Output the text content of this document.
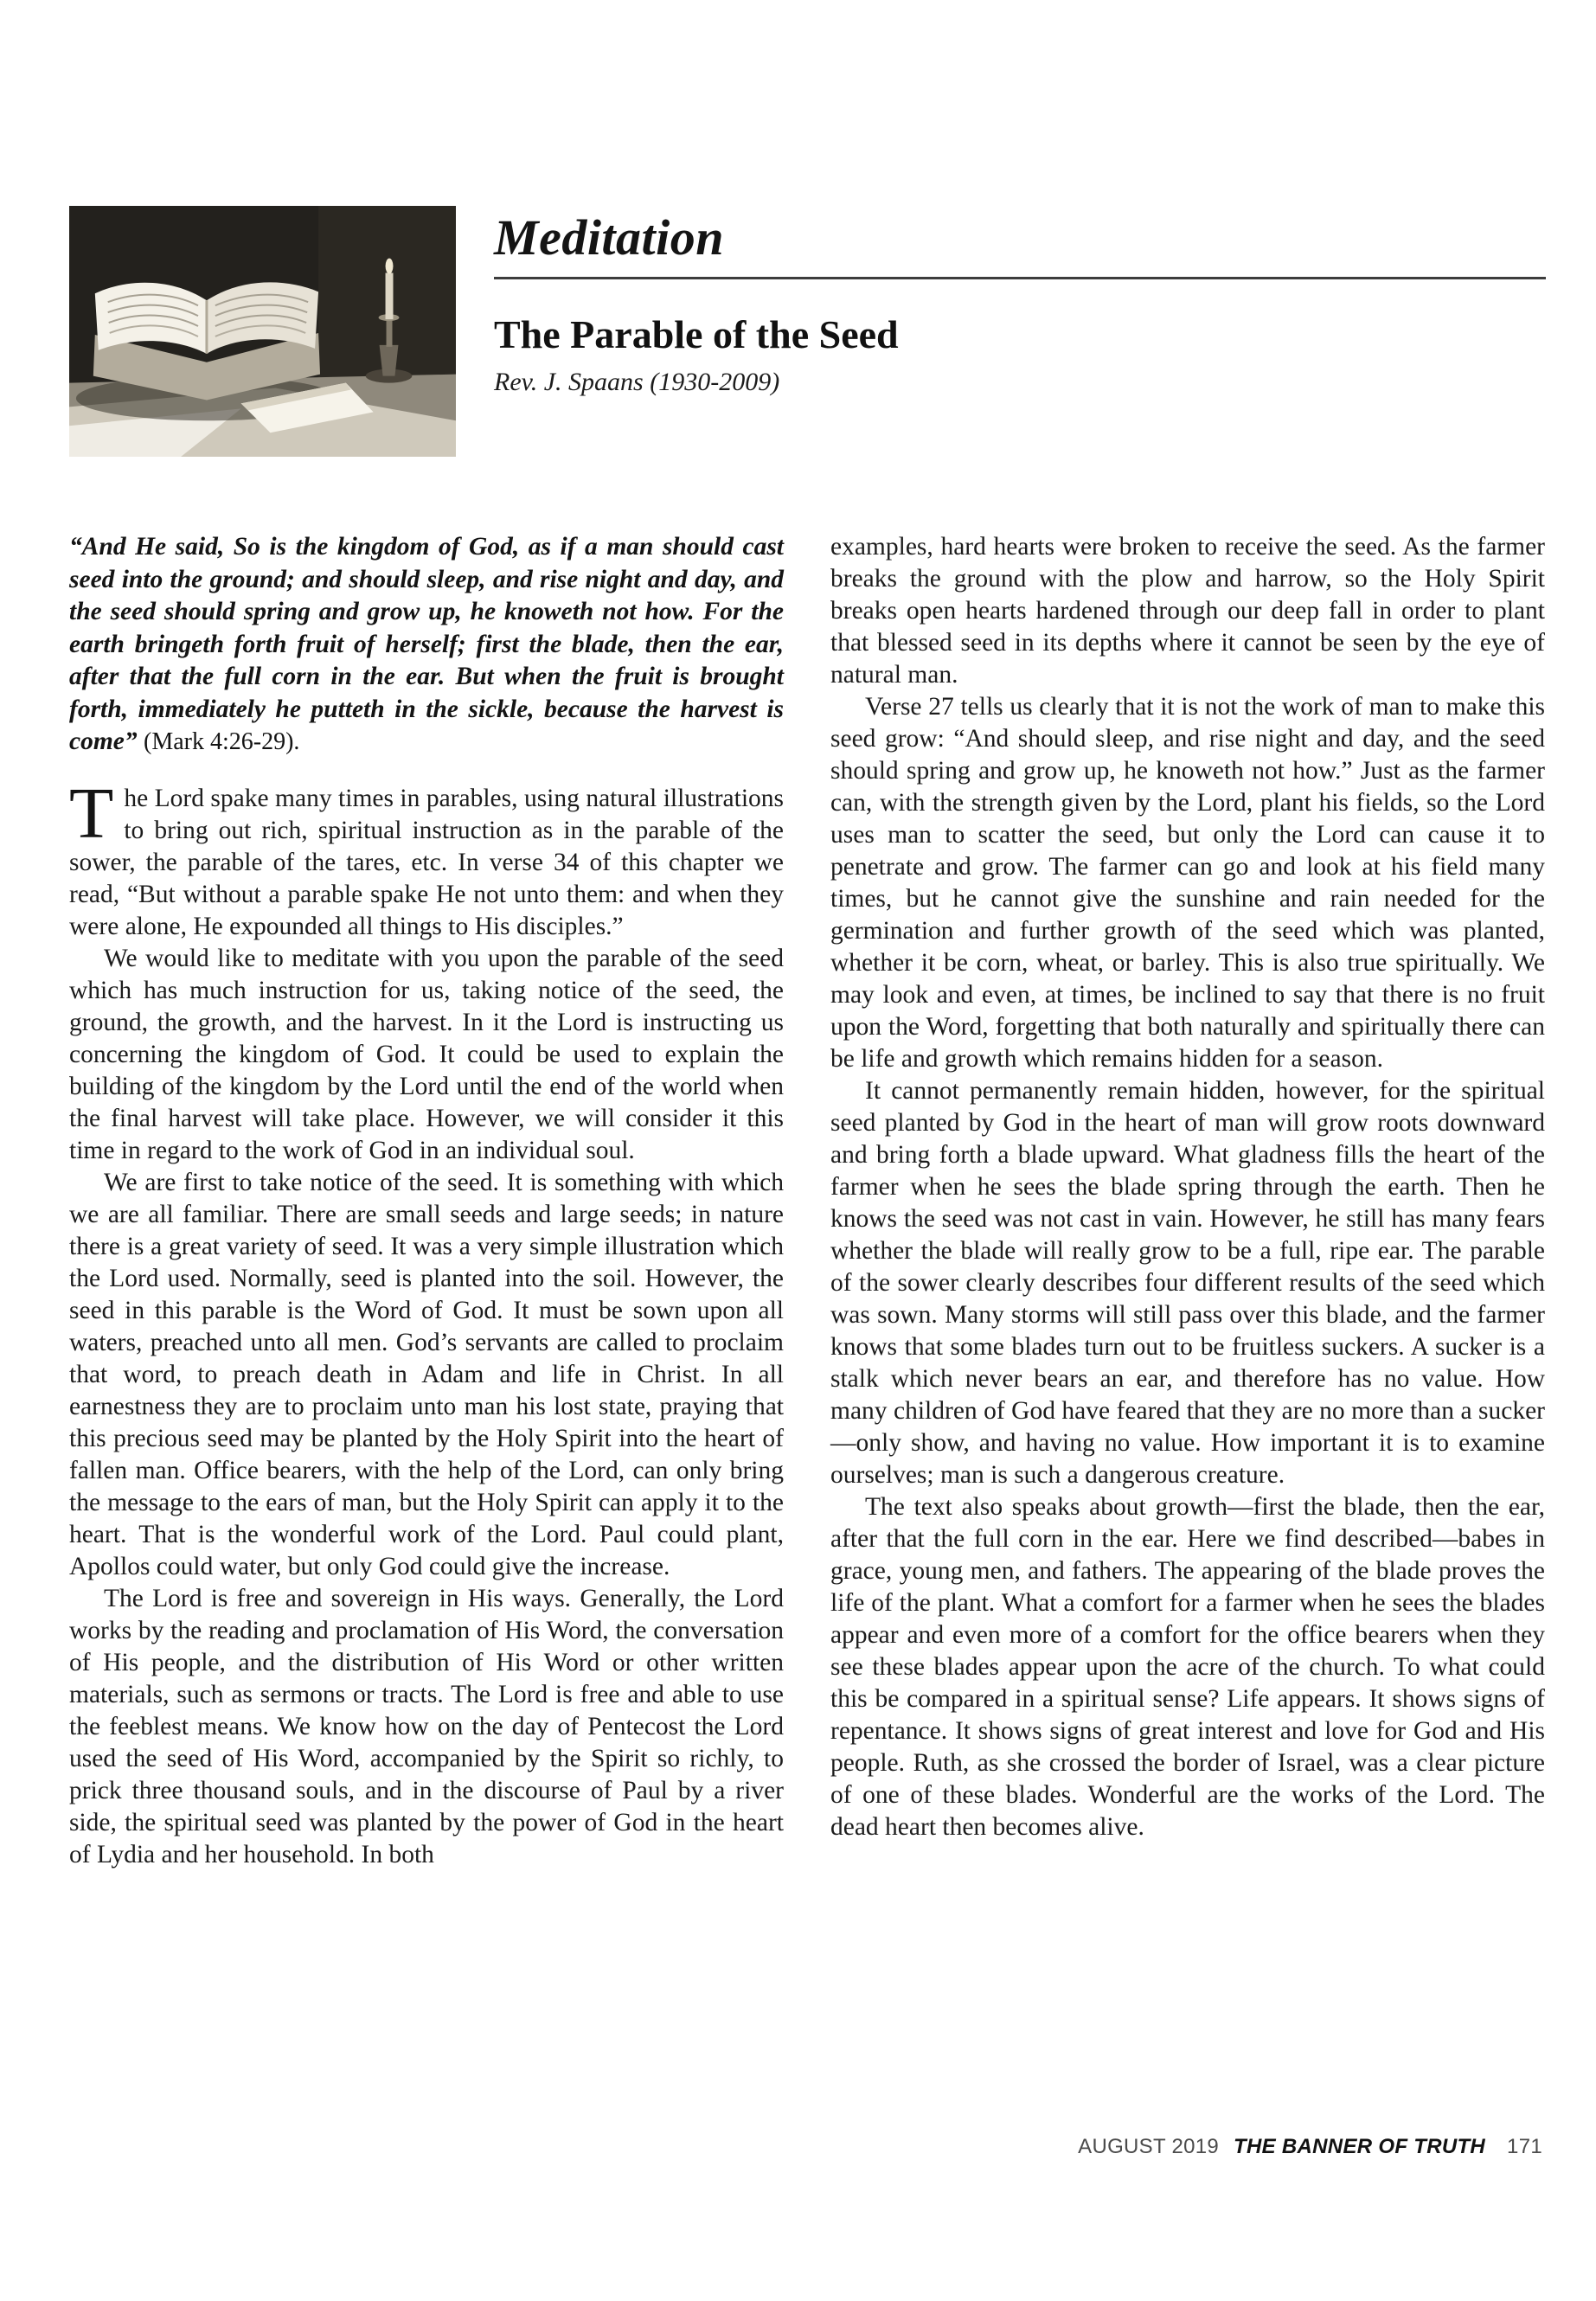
Meditation
The Parable of the Seed
Rev. J. Spaans (1930-2009)

“And He said, So is the kingdom of God, as if a man should cast seed into the ground; and should sleep, and rise night and day, and the seed should spring and grow up, he knoweth not how. For the earth bringeth forth fruit of herself; first the blade, then the ear, after that the full corn in the ear. But when the fruit is brought forth, immediately he putteth in the sickle, because the harvest is come” (Mark 4:26-29).

The Lord spake many times in parables, using natural illustrations to bring out rich, spiritual instruction as in the parable of the sower, the parable of the tares, etc. In verse 34 of this chapter we read, “But without a parable spake He not unto them: and when they were alone, He expounded all things to His disciples.”

We would like to meditate with you upon the parable of the seed which has much instruction for us, taking notice of the seed, the ground, the growth, and the harvest. In it the Lord is instructing us concerning the kingdom of God. It could be used to explain the building of the kingdom by the Lord until the end of the world when the final harvest will take place. However, we will consider it this time in regard to the work of God in an individual soul.

We are first to take notice of the seed. It is something with which we are all familiar. There are small seeds and large seeds; in nature there is a great variety of seed. It was a very simple illustration which the Lord used. Normally, seed is planted into the soil. However, the seed in this parable is the Word of God. It must be sown upon all waters, preached unto all men. God’s servants are called to proclaim that word, to preach death in Adam and life in Christ. In all earnestness they are to proclaim unto man his lost state, praying that this precious seed may be planted by the Holy Spirit into the heart of fallen man. Office bearers, with the help of the Lord, can only bring the message to the ears of man, but the Holy Spirit can apply it to the heart. That is the wonderful work of the Lord. Paul could plant, Apollos could water, but only God could give the increase.

The Lord is free and sovereign in His ways. Generally, the Lord works by the reading and proclamation of His Word, the conversation of His people, and the distribution of His Word or other written materials, such as sermons or tracts. The Lord is free and able to use the feeblest means. We know how on the day of Pentecost the Lord used the seed of His Word, accompanied by the Spirit so richly, to prick three thousand souls, and in the discourse of Paul by a river side, the spiritual seed was planted by the power of God in the heart of Lydia and her household. In both

examples, hard hearts were broken to receive the seed. As the farmer breaks the ground with the plow and harrow, so the Holy Spirit breaks open hearts hardened through our deep fall in order to plant that blessed seed in its depths where it cannot be seen by the eye of natural man.

Verse 27 tells us clearly that it is not the work of man to make this seed grow: “And should sleep, and rise night and day, and the seed should spring and grow up, he knoweth not how.” Just as the farmer can, with the strength given by the Lord, plant his fields, so the Lord uses man to scatter the seed, but only the Lord can cause it to penetrate and grow. The farmer can go and look at his field many times, but he cannot give the sunshine and rain needed for the germination and further growth of the seed which was planted, whether it be corn, wheat, or barley. This is also true spiritually. We may look and even, at times, be inclined to say that there is no fruit upon the Word, forgetting that both naturally and spiritually there can be life and growth which remains hidden for a season.

It cannot permanently remain hidden, however, for the spiritual seed planted by God in the heart of man will grow roots downward and bring forth a blade upward. What gladness fills the heart of the farmer when he sees the blade spring through the earth. Then he knows the seed was not cast in vain. However, he still has many fears whether the blade will really grow to be a full, ripe ear. The parable of the sower clearly describes four different results of the seed which was sown. Many storms will still pass over this blade, and the farmer knows that some blades turn out to be fruitless suckers. A sucker is a stalk which never bears an ear, and therefore has no value. How many children of God have feared that they are no more than a sucker—only show, and having no value. How important it is to examine ourselves; man is such a dangerous creature.

The text also speaks about growth—first the blade, then the ear, after that the full corn in the ear. Here we find described—babes in grace, young men, and fathers. The appearing of the blade proves the life of the plant. What a comfort for a farmer when he sees the blades appear and even more of a comfort for the office bearers when they see these blades appear upon the acre of the church. To what could this be compared in a spiritual sense? Life appears. It shows signs of repentance. It shows signs of great interest and love for God and His people. Ruth, as she crossed the border of Israel, was a clear picture of one of these blades. Wonderful are the works of the Lord. The dead heart then becomes alive.

AUGUST 2019 THE BANNER OF TRUTH 171
